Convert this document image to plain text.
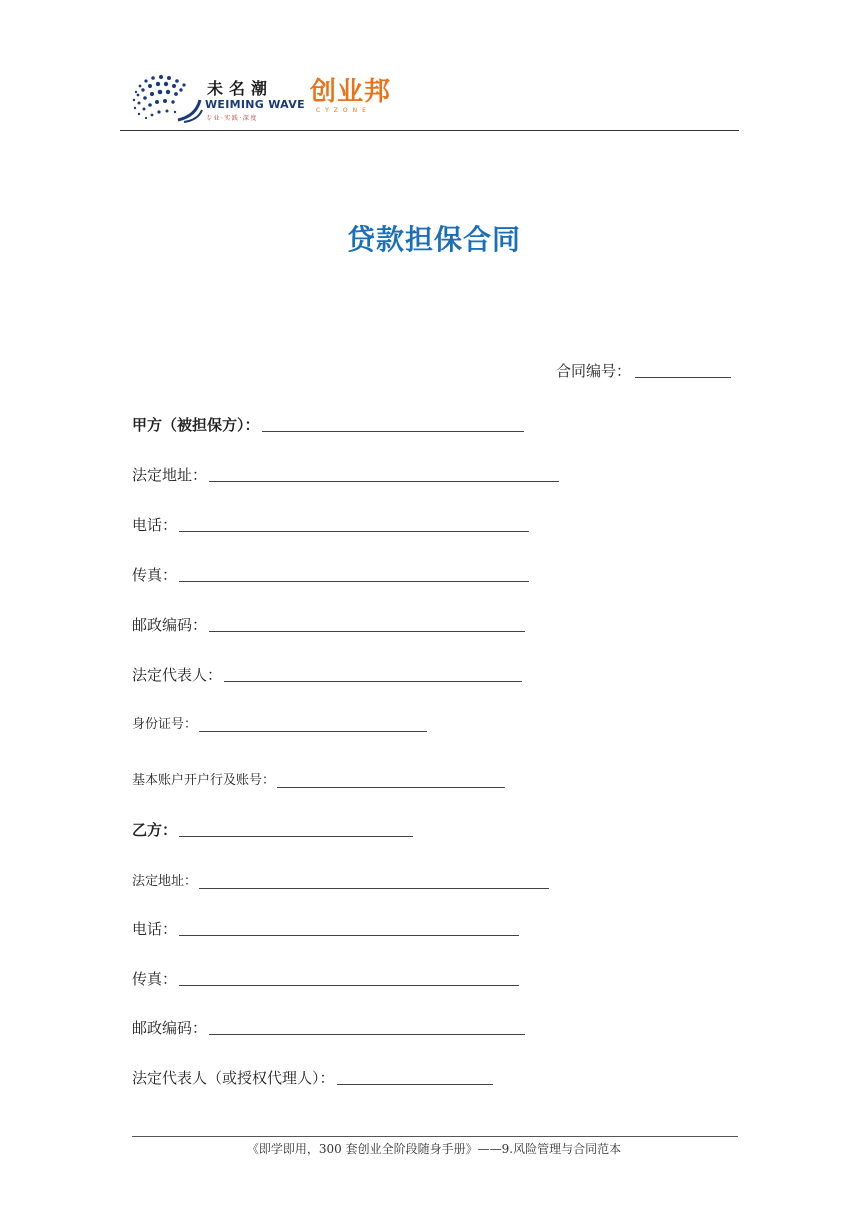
未名潮
WEIMING WAVE
专业·实践·深度
创业邦
CYZONE
贷款担保合同
合同编号：
甲方（被担保方）：
法定地址：
电话：
传真：
邮政编码：
法定代表人：
身份证号：
基本账户开户行及账号：
乙方：
法定地址：
电话：
传真：
邮政编码：
法定代表人（或授权代理人）：
《即学即用，300 套创业全阶段随身手册》——9.风险管理与合同范本
